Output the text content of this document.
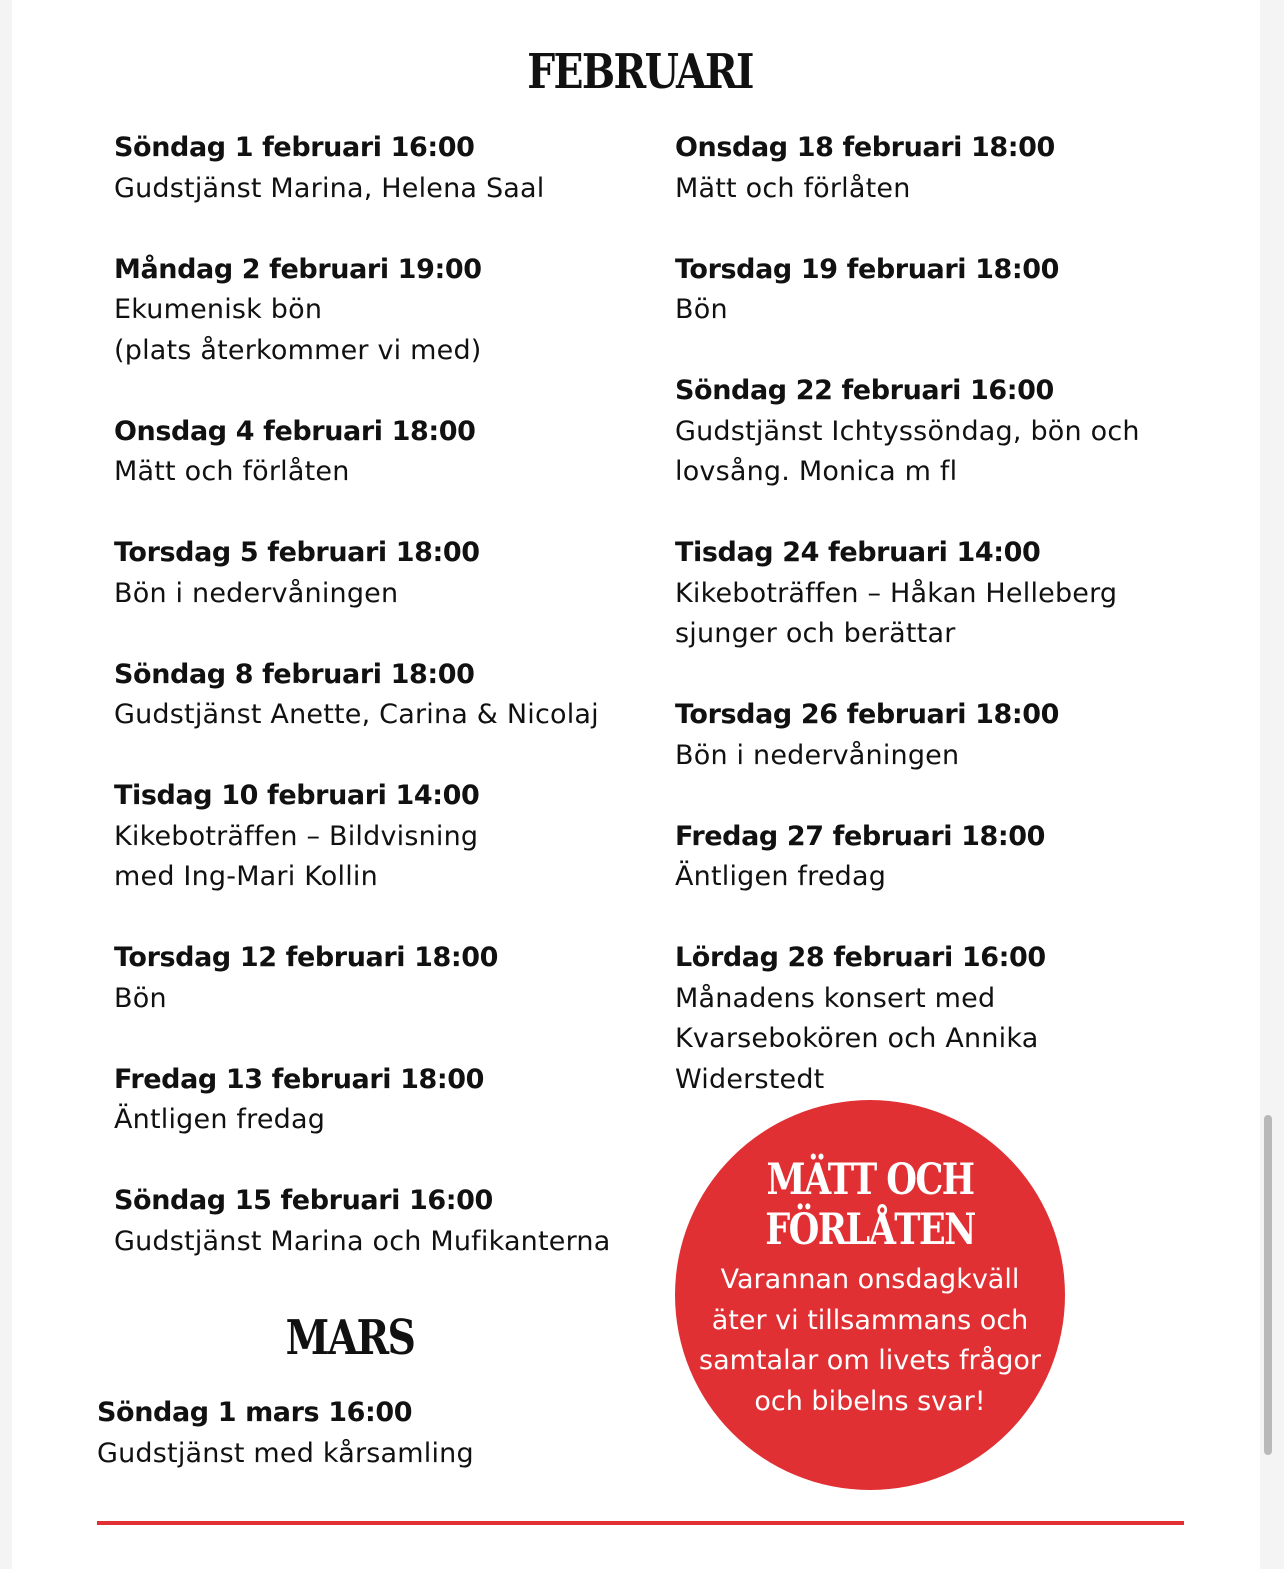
FEBRUARI
Söndag 1 februari 16:00
Gudstjänst Marina, Helena Saal
Måndag 2 februari 19:00
Ekumenisk bön
(plats återkommer vi med)
Onsdag 4 februari 18:00
Mätt och förlåten
Torsdag 5 februari 18:00
Bön i nedervåningen
Söndag 8 februari 18:00
Gudstjänst Anette, Carina & Nicolaj
Tisdag 10 februari 14:00
Kikeboträffen – Bildvisning
med Ing-Mari Kollin
Torsdag 12 februari 18:00
Bön
Fredag 13 februari 18:00
Äntligen fredag
Söndag 15 februari 16:00
Gudstjänst Marina och Mufikanterna
Onsdag 18 februari 18:00
Mätt och förlåten
Torsdag 19 februari 18:00
Bön
Söndag 22 februari 16:00
Gudstjänst Ichtyssöndag, bön och
lovsång. Monica m fl
Tisdag 24 februari 14:00
Kikeboträffen – Håkan Helleberg
sjunger och berättar
Torsdag 26 februari 18:00
Bön i nedervåningen
Fredag 27 februari 18:00
Äntligen fredag
Lördag 28 februari 16:00
Månadens konsert med
Kvarsebokören och Annika
Widerstedt
MARS
Söndag 1 mars 16:00
Gudstjänst med kårsamling
MÄTT OCH
FÖRLÅTEN
Varannan onsdagkväll
äter vi tillsammans och
samtalar om livets frågor
och bibelns svar!
